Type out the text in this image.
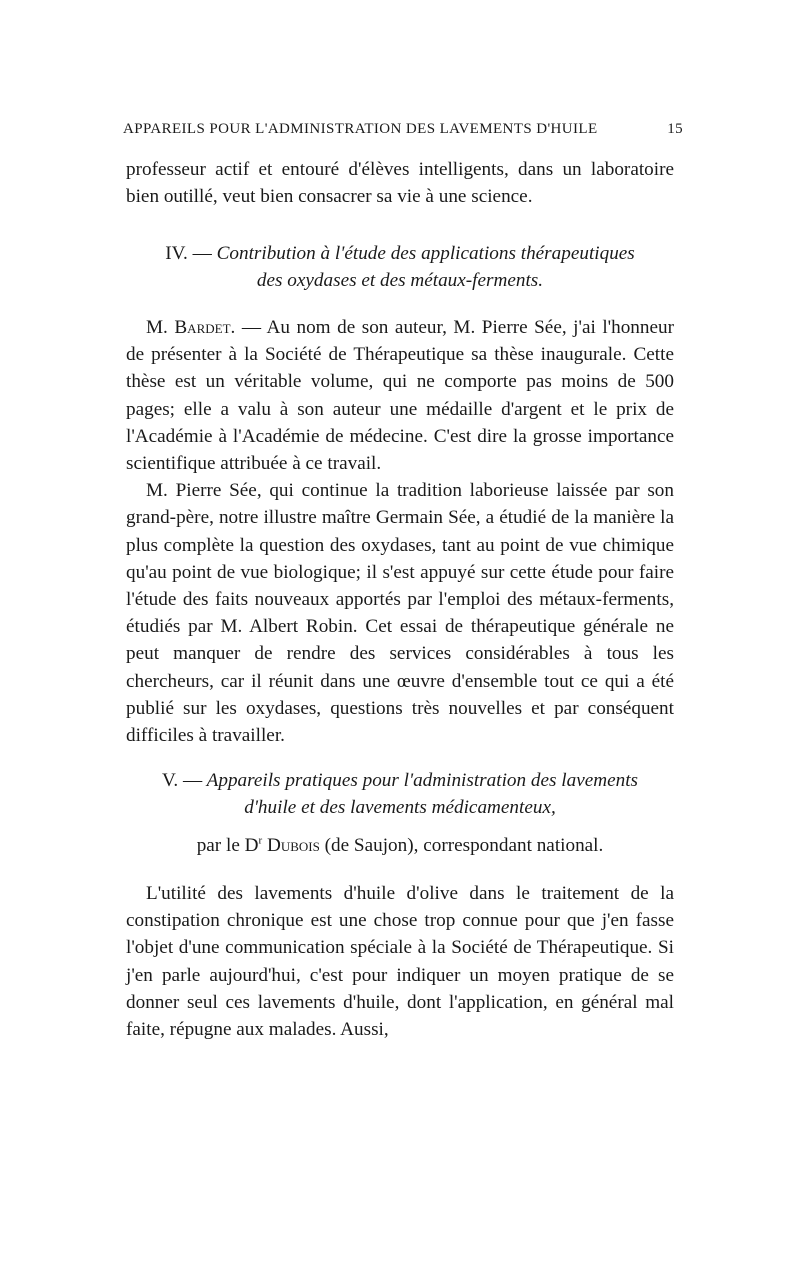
APPAREILS POUR L'ADMINISTRATION DES LAVEMENTS D'HUILE	15

professeur actif et entouré d'élèves intelligents, dans un laboratoire bien outillé, veut bien consacrer sa vie à une science.

IV. — Contribution à l'étude des applications thérapeutiques

des oxydases et des métaux-ferments.

M. Bardet. — Au nom de son auteur, M. Pierre Sée, j'ai l'honneur de présenter à la Société de Thérapeutique sa thèse inaugurale. Cette thèse est un véritable volume, qui ne comporte pas moins de 500 pages; elle a valu à son auteur une médaille d'argent et le prix de l'Académie à l'Académie de médecine. C'est dire la grosse importance scientifique attribuée à ce travail.

M. Pierre Sée, qui continue la tradition laborieuse laissée par son grand-père, notre illustre maître Germain Sée, a étudié de la manière la plus complète la question des oxydases, tant au point de vue chimique qu'au point de vue biologique; il s'est appuyé sur cette étude pour faire l'étude des faits nouveaux apportés par l'emploi des métaux-ferments, étudiés par M. Albert Robin. Cet essai de thérapeutique générale ne peut manquer de rendre des services considérables à tous les chercheurs, car il réunit dans une œuvre d'ensemble tout ce qui a été publié sur les oxydases, questions très nouvelles et par conséquent difficiles à travailler.

V. — Appareils pratiques pour l'administration des lavements

d'huile et des lavements médicamenteux,

par le $D^r$ Dubois (de Saujon), correspondant national.

L'utilité des lavements d'huile d'olive dans le traitement de la constipation chronique est une chose trop connue pour que j'en fasse l'objet d'une communication spéciale à la Société de Thérapeutique. Si j'en parle aujourd'hui, c'est pour indiquer un moyen pratique de se donner seul ces lavements d'huile, dont l'application, en général mal faite, répugne aux malades. Aussi,
